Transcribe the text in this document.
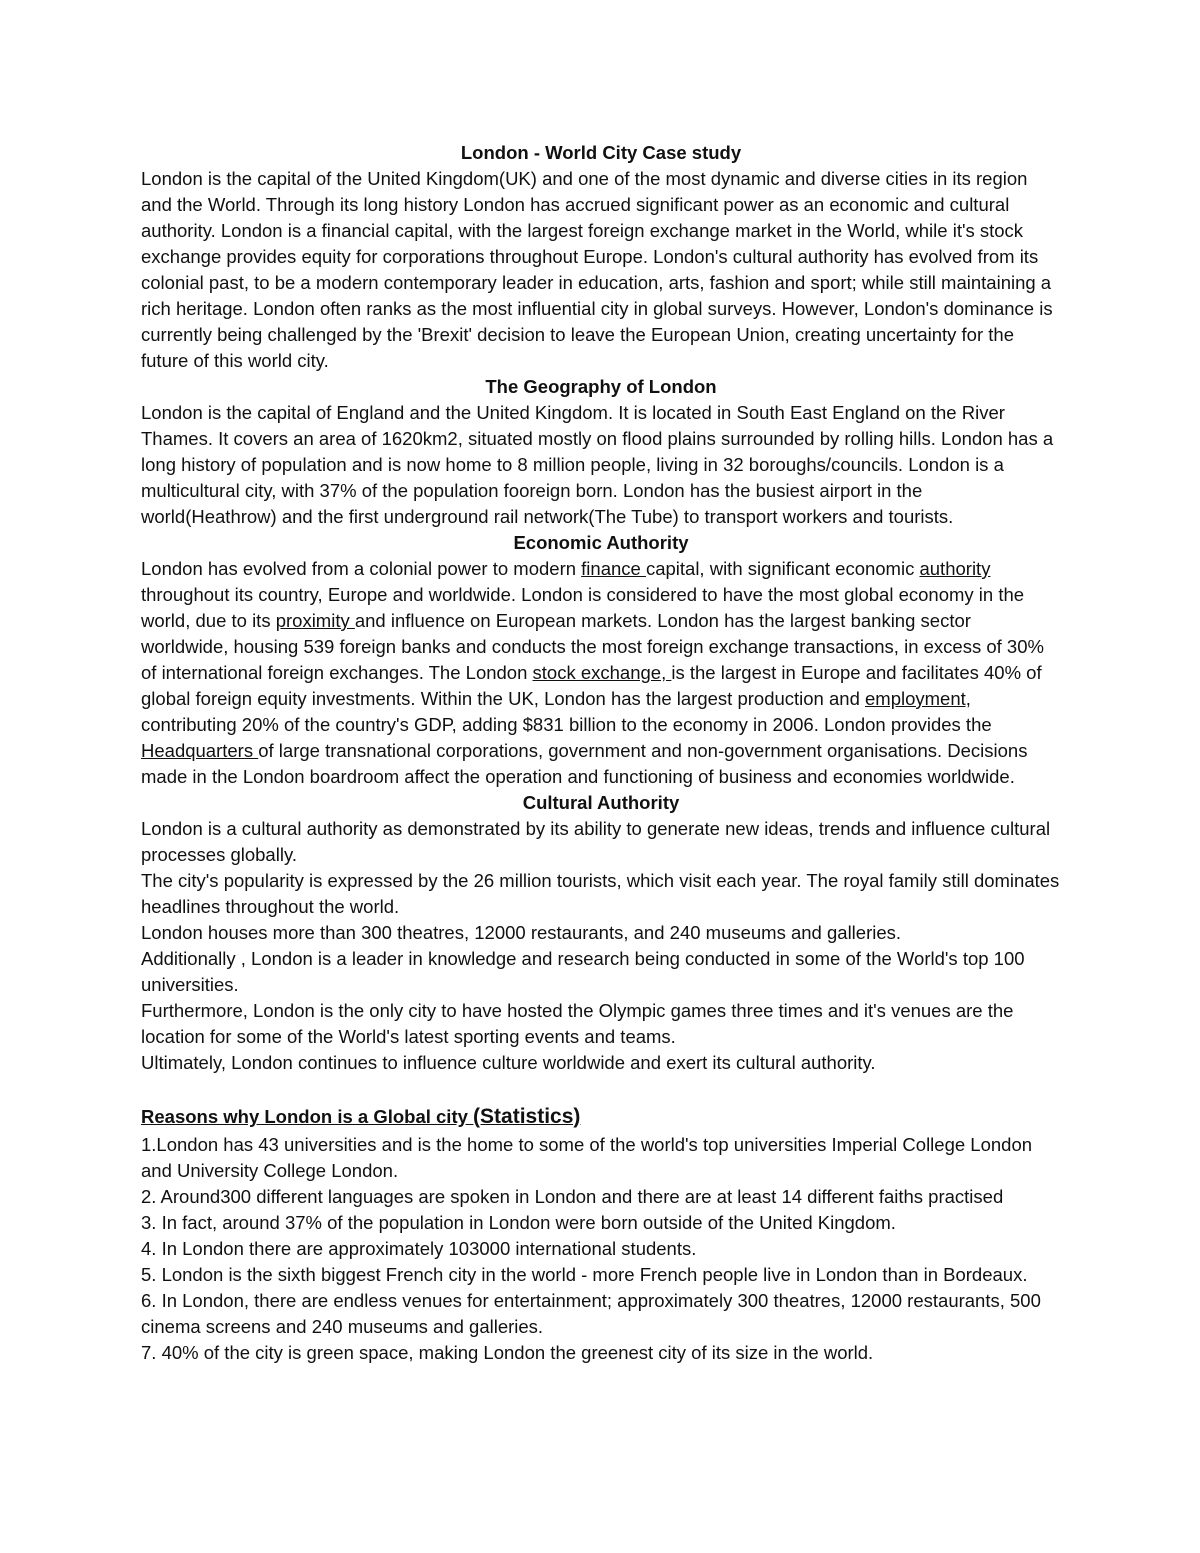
London - World City Case study

London is the capital of the United Kingdom(UK) and one of the most dynamic and diverse cities in its region and the World. Through its long history London has accrued significant power as an economic and cultural authority. London is a financial capital, with the largest foreign exchange market in the World, while it's stock exchange provides equity for corporations throughout Europe. London's cultural authority has evolved from its colonial past, to be a modern contemporary leader in education, arts, fashion and sport; while still maintaining a rich heritage. London often ranks as the most influential city in global surveys. However, London's dominance is currently being challenged by the 'Brexit' decision to leave the European Union, creating uncertainty for the future of this world city.

The Geography of London

London is the capital of England and the United Kingdom. It is located in South East England on the River Thames. It covers an area of 1620km2, situated mostly on flood plains surrounded by rolling hills. London has a long history of population and is now home to 8 million people, living in 32 boroughs/councils. London is a multicultural city, with 37% of the population fooreign born. London has the busiest airport in the world(Heathrow) and the first underground rail network(The Tube) to transport workers and tourists.

Economic Authority

London has evolved from a colonial power to modern finance capital, with significant economic authority throughout its country, Europe and worldwide. London is considered to have the most global economy in the world, due to its proximity and influence on European markets. London has the largest banking sector worldwide, housing 539 foreign banks and conducts the most foreign exchange transactions, in excess of 30% of international foreign exchanges. The London stock exchange, is the largest in Europe and facilitates 40% of global foreign equity investments. Within the UK, London has the largest production and employment, contributing 20% of the country's GDP, adding $831 billion to the economy in 2006. London provides the Headquarters of large transnational corporations, government and non-government organisations. Decisions made in the London boardroom affect the operation and functioning of business and economies worldwide.

Cultural Authority

London is a cultural authority as demonstrated by its ability to generate new ideas, trends and influence cultural processes globally.

The city's popularity is expressed by the 26 million tourists, which visit each year. The royal family still dominates headlines throughout the world.

London houses more than 300 theatres, 12000 restaurants, and 240 museums and galleries.

Additionally , London is a leader in knowledge and research being conducted in some of the World's top 100 universities.

Furthermore, London is the only city to have hosted the Olympic games three times and it's venues are the location for some of the World's latest sporting events and teams.

Ultimately, London continues to influence culture worldwide and exert its cultural authority.

Reasons why London is a Global city (Statistics)

1.London has 43 universities and is the home to some of the world's top universities Imperial College London and University College London.

2. Around300 different languages are spoken in London and there are at least 14 different faiths practised

3. In fact, around 37% of the population in London were born outside of the United Kingdom.

4. In London there are approximately 103000 international students.

5. London is the sixth biggest French city in the world - more French people live in London than in Bordeaux.

6. In London, there are endless venues for entertainment; approximately 300 theatres, 12000 restaurants, 500 cinema screens and 240 museums and galleries.

7. 40% of the city is green space, making London the greenest city of its size in the world.
